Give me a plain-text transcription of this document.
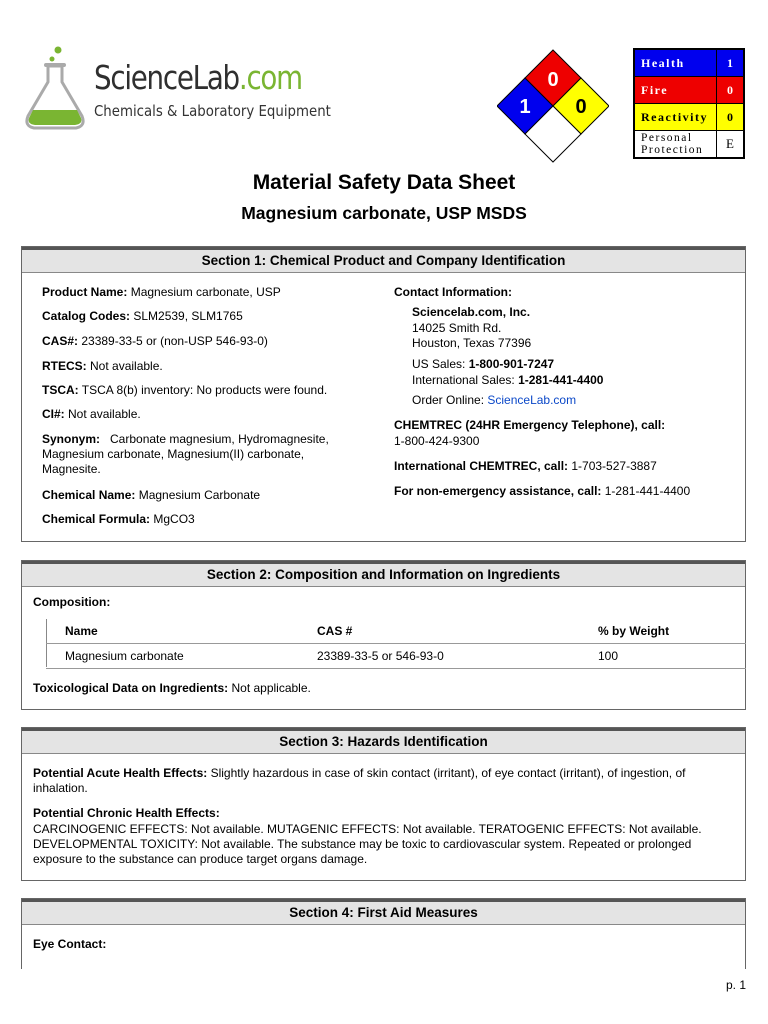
ScienceLab.com
Chemicals & Laboratory Equipment
0
1 0
Health	1
Fire	0
Reactivity	0
Personal
Protection	E
Material Safety Data Sheet
Magnesium carbonate, USP MSDS
Section 1: Chemical Product and Company Identification
Product Name: Magnesium carbonate, USP
Catalog Codes: SLM2539, SLM1765
CAS#: 23389-33-5 or (non-USP 546-93-0)
RTECS: Not available.
TSCA: TSCA 8(b) inventory: No products were found.
CI#: Not available.
Synonym:   Carbonate magnesium, Hydromagnesite, Magnesium carbonate, Magnesium(II) carbonate, Magnesite.
Chemical Name: Magnesium Carbonate
Chemical Formula: MgCO3
Contact Information:
Sciencelab.com, Inc.
14025 Smith Rd.
Houston, Texas 77396
US Sales: 1-800-901-7247
International Sales: 1-281-441-4400
Order Online: ScienceLab.com
CHEMTREC (24HR Emergency Telephone), call:
1-800-424-9300
International CHEMTREC, call: 1-703-527-3887
For non-emergency assistance, call: 1-281-441-4400
Section 2: Composition and Information on Ingredients
Composition:
Name	CAS #	% by Weight
Magnesium carbonate	23389-33-5 or 546-93-0	100
Toxicological Data on Ingredients: Not applicable.
Section 3: Hazards Identification
Potential Acute Health Effects: Slightly hazardous in case of skin contact (irritant), of eye contact (irritant), of ingestion, of inhalation.
Potential Chronic Health Effects:
CARCINOGENIC EFFECTS: Not available. MUTAGENIC EFFECTS: Not available. TERATOGENIC EFFECTS: Not available. DEVELOPMENTAL TOXICITY: Not available. The substance may be toxic to cardiovascular system. Repeated or prolonged exposure to the substance can produce target organs damage.
Section 4: First Aid Measures
Eye Contact:
p. 1
